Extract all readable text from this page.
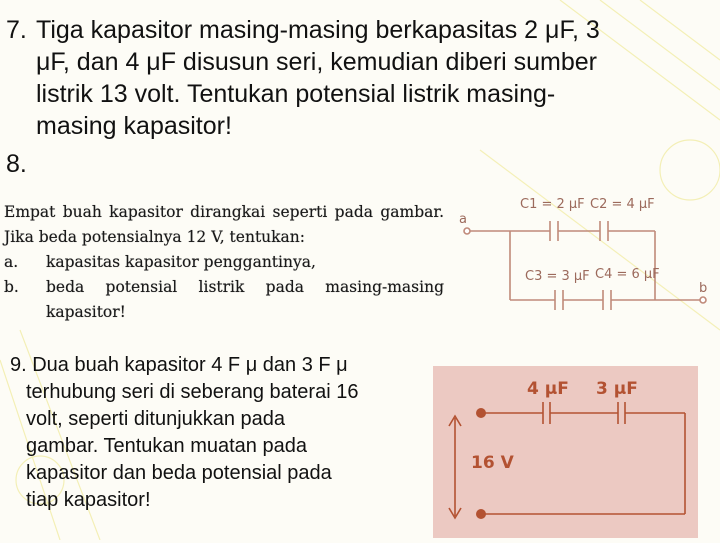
7. Tiga kapasitor masing-masing berkapasitas 2 μF, 3
μF, dan 4 μF disusun seri, kemudian diberi sumber
listrik 13 volt. Tentukan potensial listrik masing-
masing kapasitor!

8.
Empat buah kapasitor dirangkai seperti pada gambar.
Jika beda potensialnya 12 V, tentukan:
a.	kapasitas kapasitor penggantinya,
b.	beda potensial listrik pada masing-masing
kapasitor!
a
b
C1 = 2 μF C2 = 4 μF
C3 = 3 μF C4 = 6 μF

9. Dua buah kapasitor 4 F μ dan 3 F μ
terhubung seri di seberang baterai 16
volt, seperti ditunjukkan pada
gambar. Tentukan muatan pada
kapasitor dan beda potensial pada
tiap kapasitor!

4 μF 3 μF
16 V
